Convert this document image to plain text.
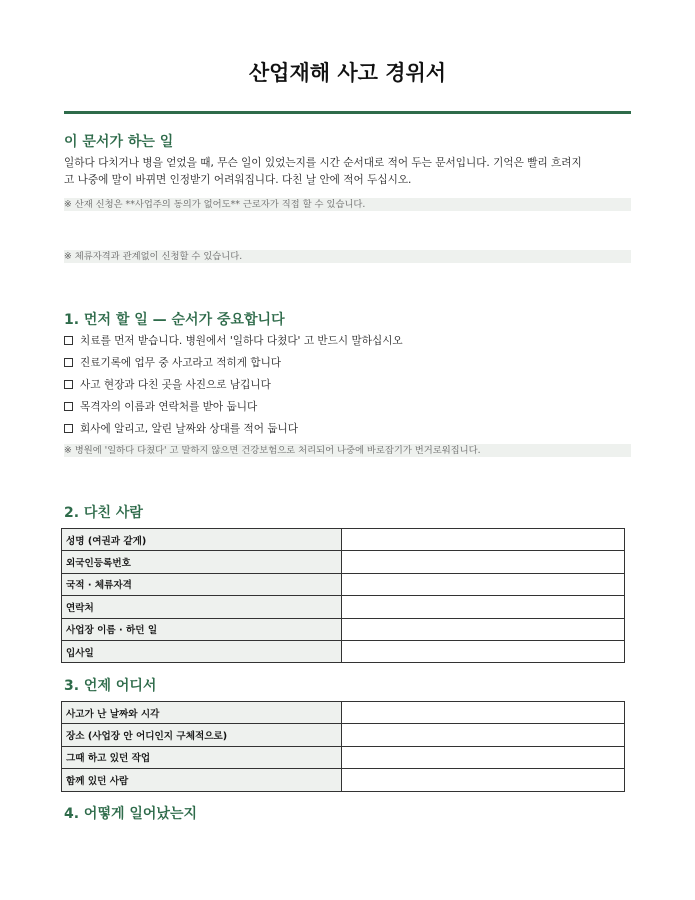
산업재해 사고 경위서
이 문서가 하는 일
일하다 다치거나 병을 얻었을 때, 무슨 일이 있었는지를 시간 순서대로 적어 두는 문서입니다. 기억은 빨리 흐려지
고 나중에 말이 바뀌면 인정받기 어려워집니다. 다친 날 안에 적어 두십시오.
※ 산재 신청은 **사업주의 동의가 없어도** 근로자가 직접 할 수 있습니다.
※ 체류자격과 관계없이 신청할 수 있습니다.
1. 먼저 할 일 — 순서가 중요합니다
치료를 먼저 받습니다. 병원에서 '일하다 다쳤다' 고 반드시 말하십시오
진료기록에 업무 중 사고라고 적히게 합니다
사고 현장과 다친 곳을 사진으로 남깁니다
목격자의 이름과 연락처를 받아 둡니다
회사에 알리고, 알린 날짜와 상대를 적어 둡니다
※ 병원에 '일하다 다쳤다' 고 말하지 않으면 건강보험으로 처리되어 나중에 바로잡기가 번거로워집니다.
2. 다친 사람
성명 (여권과 같게)	
외국인등록번호	
국적 · 체류자격	
연락처	
사업장 이름 · 하던 일	
입사일	
3. 언제 어디서
사고가 난 날짜와 시각	
장소 (사업장 안 어디인지 구체적으로)	
그때 하고 있던 작업	
함께 있던 사람	
4. 어떻게 일어났는지
